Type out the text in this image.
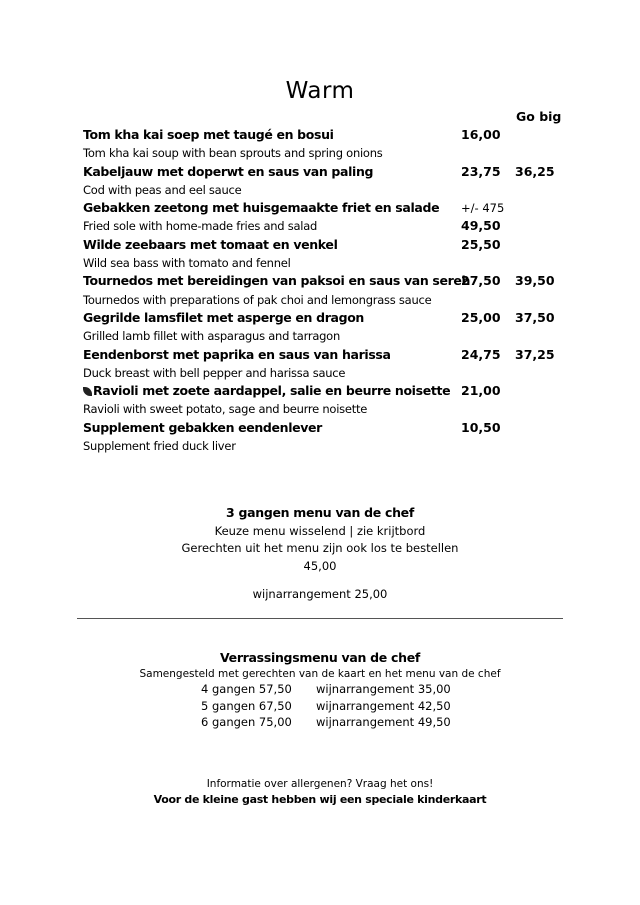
Warm
Go big
Tom kha kai soep met taugé en bosui
Tom kha kai soup with bean sprouts and spring onions
16,00
Kabeljauw met doperwt en saus van paling
Cod with peas and eel sauce
23,75 36,25
Gebakken zeetong met huisgemaakte friet en salade
Fried sole with home-made fries and salad
+/- 475
49,50
Wilde zeebaars met tomaat en venkel
Wild sea bass with tomato and fennel
25,50
Tournedos met bereidingen van paksoi en saus van sereh
Tournedos with preparations of pak choi and lemongrass sauce
27,50 39,50
Gegrilde lamsfilet met asperge en dragon
Grilled lamb fillet with asparagus and tarragon
25,00 37,50
Eendenborst met paprika en saus van harissa
Duck breast with bell pepper and harissa sauce
24,75 37,25
Ravioli met zoete aardappel, salie en beurre noisette
Ravioli with sweet potato, sage and beurre noisette
21,00
Supplement gebakken eendenlever
Supplement fried duck liver
10,50
3 gangen menu van de chef
Keuze menu wisselend | zie krijtbord
Gerechten uit het menu zijn ook los te bestellen
45,00
wijnarrangement 25,00
Verrassingsmenu van de chef
Samengesteld met gerechten van de kaart en het menu van de chef
4 gangen 57,50 wijnarrangement 35,00
5 gangen 67,50 wijnarrangement 42,50
6 gangen 75,00 wijnarrangement 49,50
Informatie over allergenen? Vraag het ons!
Voor de kleine gast hebben wij een speciale kinderkaart
